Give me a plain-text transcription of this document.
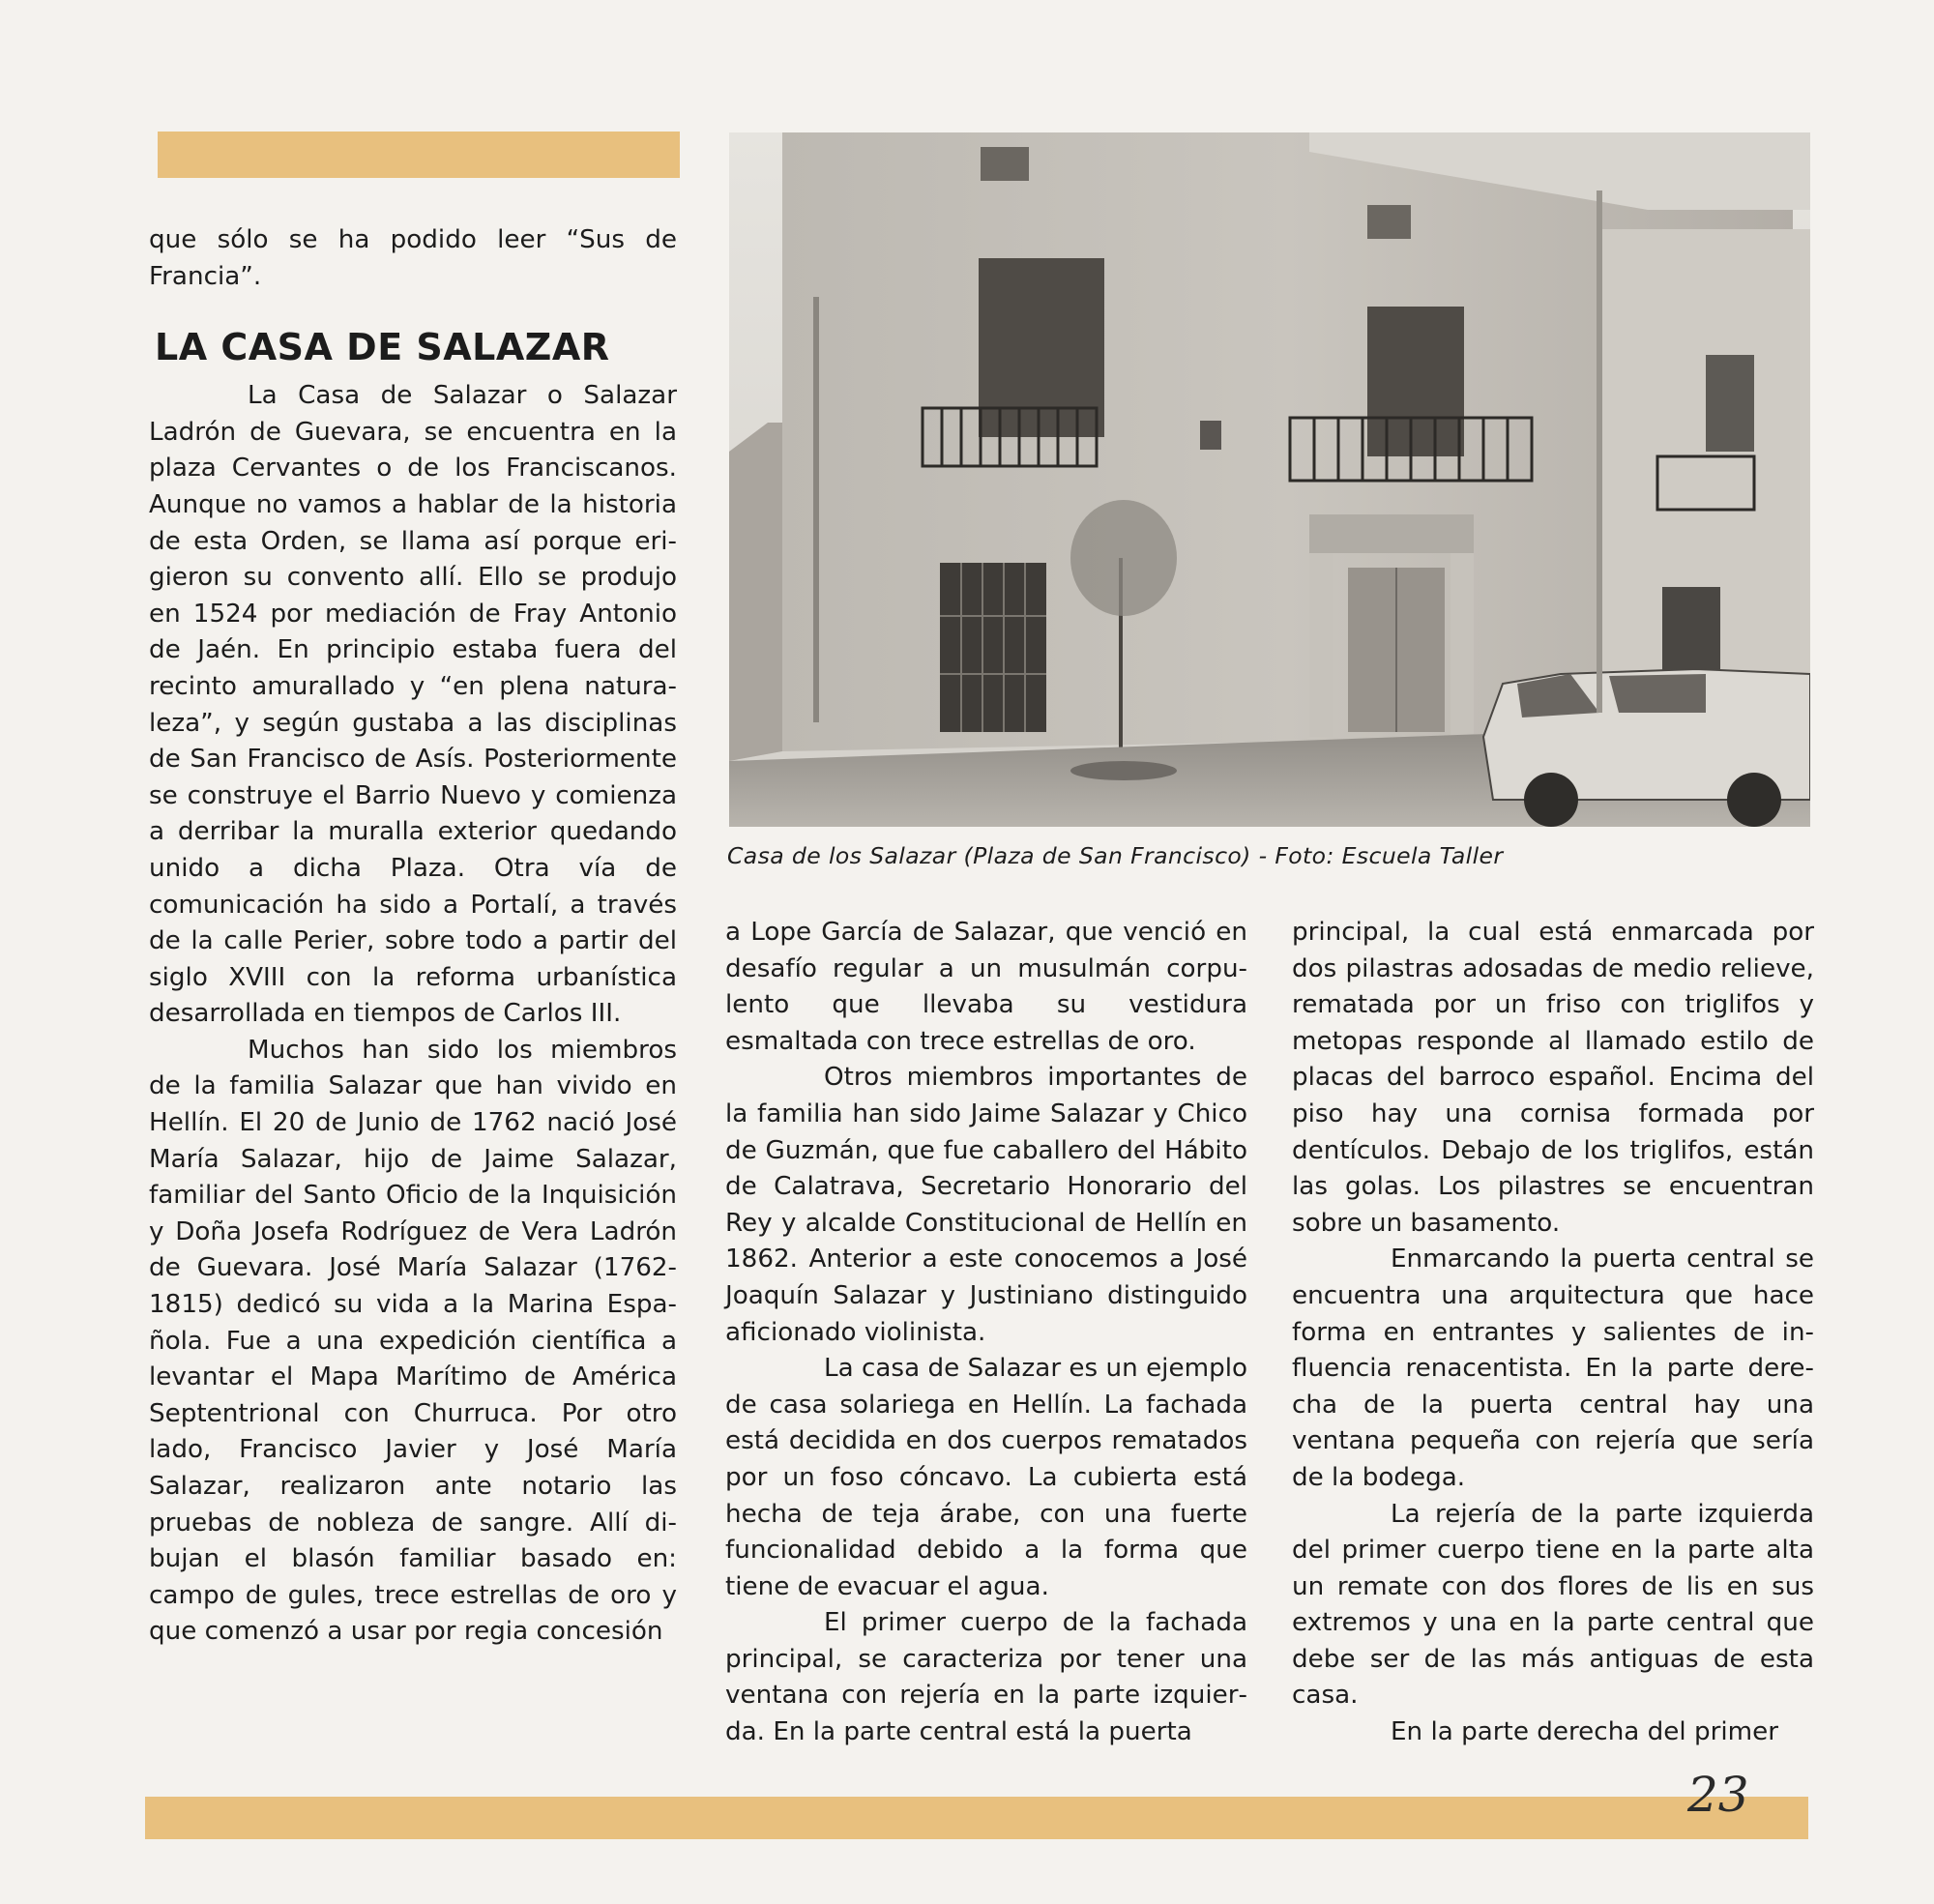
que sólo se ha podido leer “Sus de Francia”.

LA CASA DE SALAZAR

La Casa de Salazar o Salazar Ladrón de Guevara, se encuentra en la plaza Cervantes o de los Franciscanos. Aunque no vamos a hablar de la historia de esta Orden, se llama así porque erigieron su convento allí. Ello se produjo en 1524 por mediación de Fray Antonio de Jaén. En principio estaba fuera del recinto amurallado y “en plena naturaleza”, y según gustaba a las disciplinas de San Francisco de Asís. Posteriormente se construye el Barrio Nuevo y comienza a derribar la muralla exterior quedando unido a dicha Plaza. Otra vía de comunicación ha sido a Portalí, a través de la calle Perier, sobre todo a partir del siglo XVIII con la reforma urbanística desarrollada en tiempos de Carlos III.

Muchos han sido los miembros de la familia Salazar que han vivido en Hellín. El 20 de Junio de 1762 nació José María Salazar, hijo de Jaime Salazar, familiar del Santo Oficio de la Inquisición y Doña Josefa Rodríguez de Vera Ladrón de Guevara. José María Salazar (1762-1815) dedicó su vida a la Marina Española. Fue a una expedición científica a levantar el Mapa Marítimo de América Septentrional con Churruca. Por otro lado, Francisco Javier y José María Salazar, realizaron ante notario las pruebas de nobleza de sangre. Allí dibujan el blasón familiar basado en: campo de gules, trece estrellas de oro y que comenzó a usar por regia concesión

Casa de los Salazar (Plaza de San Francisco) - Foto: Escuela Taller

a Lope García de Salazar, que venció en desafío regular a un musulmán corpulento que llevaba su vestidura esmaltada con trece estrellas de oro.

Otros miembros importantes de la familia han sido Jaime Salazar y Chico de Guzmán, que fue caballero del Hábito de Calatrava, Secretario Honorario del Rey y alcalde Constitucional de Hellín en 1862. Anterior a este conocemos a José Joaquín Salazar y Justiniano distinguido aficionado violinista.

La casa de Salazar es un ejemplo de casa solariega en Hellín. La fachada está decidida en dos cuerpos rematados por un foso cóncavo. La cubierta está hecha de teja árabe, con una fuerte funcionalidad debido a la forma que tiene de evacuar el agua.

El primer cuerpo de la fachada principal, se caracteriza por tener una ventana con rejería en la parte izquierda. En la parte central está la puerta

principal, la cual está enmarcada por dos pilastras adosadas de medio relieve, rematada por un friso con triglifos y metopas responde al llamado estilo de placas del barroco español. Encima del piso hay una cornisa formada por dentículos. Debajo de los triglifos, están las golas. Los pilastres se encuentran sobre un basamento.

Enmarcando la puerta central se encuentra una arquitectura que hace forma en entrantes y salientes de influencia renacentista. En la parte derecha de la puerta central hay una ventana pequeña con rejería que sería de la bodega.

La rejería de la parte izquierda del primer cuerpo tiene en la parte alta un remate con dos flores de lis en sus extremos y una en la parte central que debe ser de las más antiguas de esta casa.

En la parte derecha del primer

23
